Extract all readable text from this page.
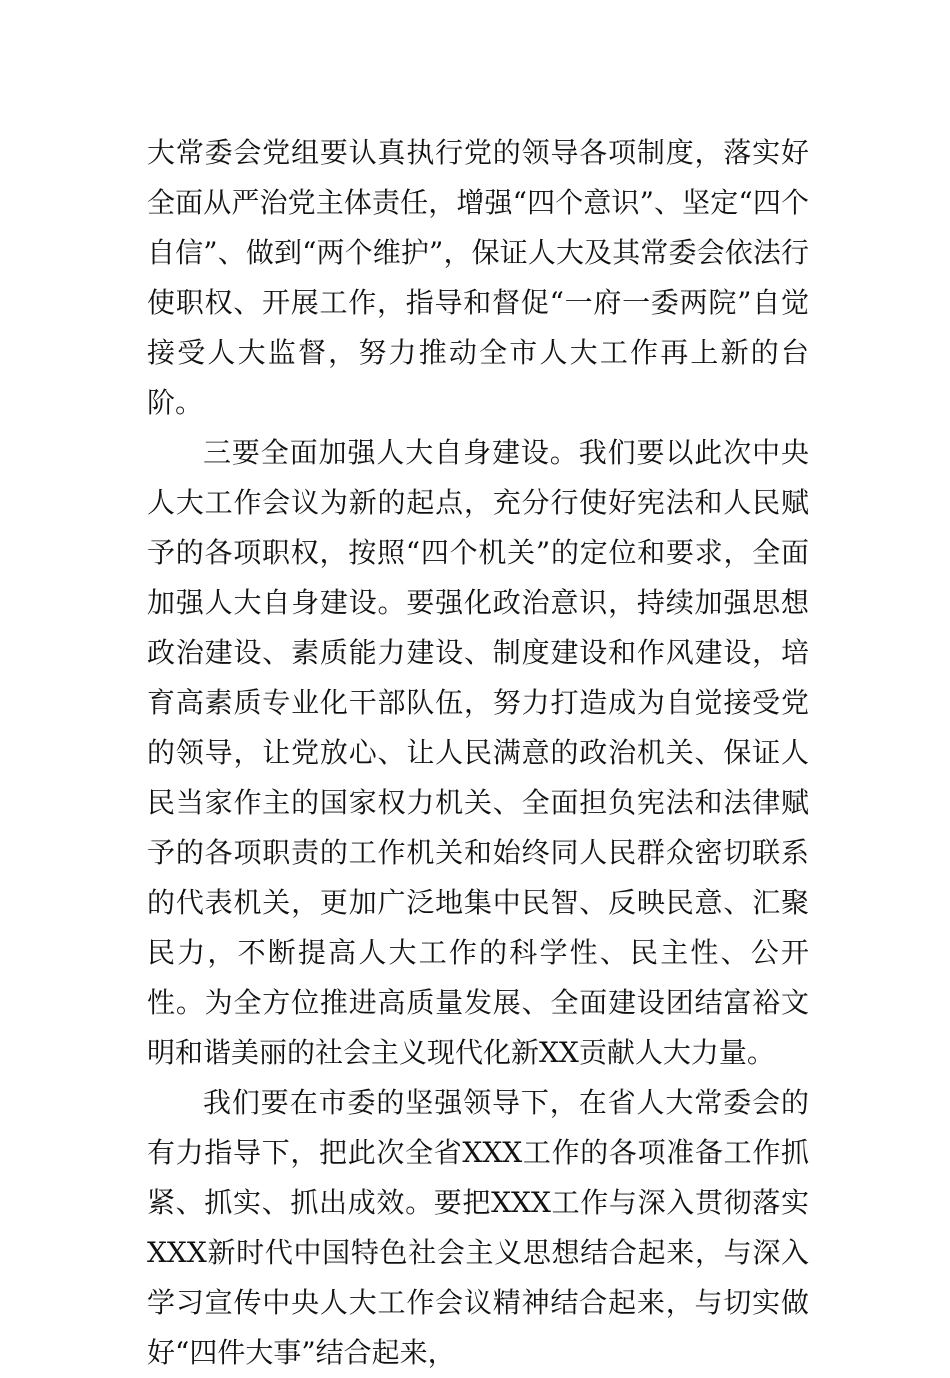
大常委会党组要认真执行党的领导各项制度，落实好全面从严治党主体责任，增强“四个意识”、坚定“四个自信”、做到“两个维护”，保证人大及其常委会依法行使职权、开展工作，指导和督促“一府一委两院”自觉接受人大监督，努力推动全市人大工作再上新的台阶。

三要全面加强人大自身建设。我们要以此次中央人大工作会议为新的起点，充分行使好宪法和人民赋予的各项职权，按照“四个机关”的定位和要求，全面加强人大自身建设。要强化政治意识，持续加强思想政治建设、素质能力建设、制度建设和作风建设，培育高素质专业化干部队伍，努力打造成为自觉接受党的领导，让党放心、让人民满意的政治机关、保证人民当家作主的国家权力机关、全面担负宪法和法律赋予的各项职责的工作机关和始终同人民群众密切联系的代表机关，更加广泛地集中民智、反映民意、汇聚民力，不断提高人大工作的科学性、民主性、公开性。为全方位推进高质量发展、全面建设团结富裕文明和谐美丽的社会主义现代化新XX贡献人大力量。

我们要在市委的坚强领导下，在省人大常委会的有力指导下，把此次全省XXX工作的各项准备工作抓紧、抓实、抓出成效。要把XXX工作与深入贯彻落实XXX新时代中国特色社会主义思想结合起来，与深入学习宣传中央人大工作会议精神结合起来，与切实做好“四件大事”结合起来，
